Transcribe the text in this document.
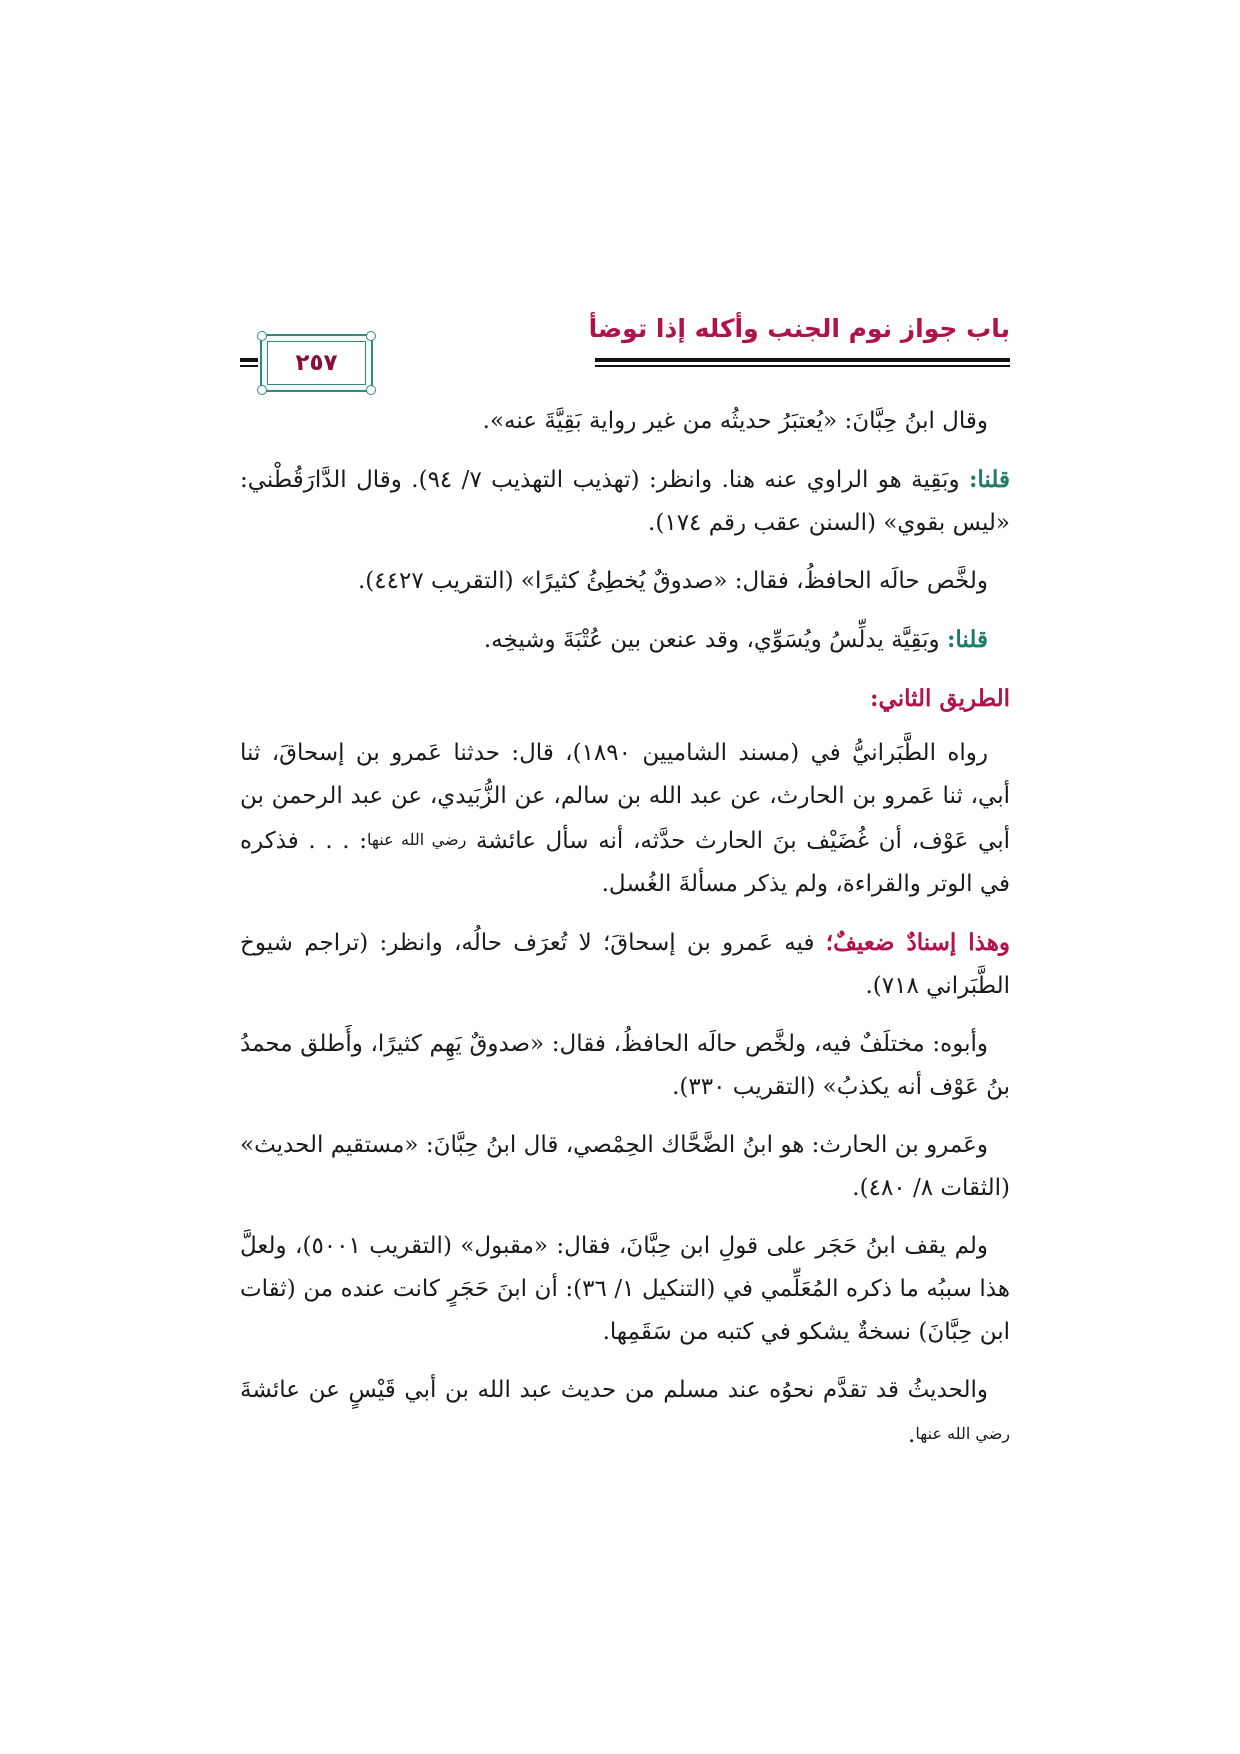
باب جواز نوم الجنب وأكله إذا توضأ
٢٥٧

وقال ابنُ حِبَّانَ: «يُعتبَرُ حديثُه من غير رواية بَقِيَّةَ عنه».

قلنا: وبَقِية هو الراوي عنه هنا. وانظر: (تهذيب التهذيب ٧/ ٩٤). وقال الدَّارَقُطْني: «ليس بقوي» (السنن عقب رقم ١٧٤).

ولخَّص حالَه الحافظُ، فقال: «صدوقٌ يُخطِئُ كثيرًا» (التقريب ٤٤٢٧).

قلنا: وبَقِيَّة يدلِّسُ ويُسَوِّي، وقد عنعن بين عُتْبَةَ وشيخِه.

الطريق الثاني:

رواه الطَّبَرانيُّ في (مسند الشاميين ١٨٩٠)، قال: حدثنا عَمرو بن إسحاقَ، ثنا أبي، ثنا عَمرو بن الحارث، عن عبد الله بن سالم، عن الزُّبَيدي، عن عبد الرحمن بن أبي عَوْف، أن غُضَيْف بنَ الحارث حدَّثه، أنه سأل عائشة رضي الله عنها: . . . فذكره في الوتر والقراءة، ولم يذكر مسألةَ الغُسل.

وهذا إسنادٌ ضعيفٌ؛ فيه عَمرو بن إسحاقَ؛ لا تُعرَف حالُه، وانظر: (تراجم شيوخ الطَّبَراني ٧١٨).

وأبوه: مختلَفٌ فيه، ولخَّص حالَه الحافظُ، فقال: «صدوقٌ يَهِم كثيرًا، وأَطلق محمدُ بنُ عَوْف أنه يكذبُ» (التقريب ٣٣٠).

وعَمرو بن الحارث: هو ابنُ الضَّحَّاك الحِمْصي، قال ابنُ حِبَّانَ: «مستقيم الحديث» (الثقات ٨/ ٤٨٠).

ولم يقف ابنُ حَجَر على قولِ ابن حِبَّانَ، فقال: «مقبول» (التقريب ٥٠٠١)، ولعلَّ هذا سببُه ما ذكره المُعَلِّمي في (التنكيل ١/ ٣٦): أن ابنَ حَجَرٍ كانت عنده من (ثقات ابن حِبَّانَ) نسخةٌ يشكو في كتبه من سَقَمِها.

والحديثُ قد تقدَّم نحوُه عند مسلم من حديث عبد الله بن أبي قَيْسٍ عن عائشةَ رضي الله عنها.
